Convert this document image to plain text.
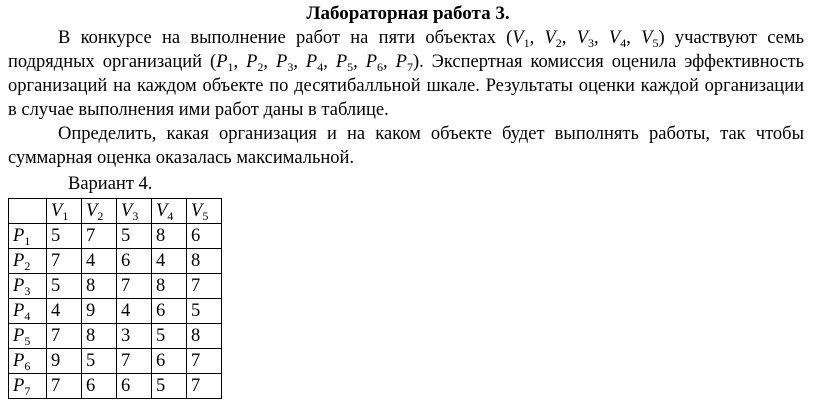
Лабораторная работа 3.
В конкурсе на выполнение работ на пяти объектах ($V_1$, $V_2$, $V_3$, $V_4$, $V_5$) участвуют семь подрядных организаций ($P_1$, $P_2$, $P_3$, $P_4$, $P_5$, $P_6$, $P_7$). Экспертная комиссия оценила эффективность организаций на каждом объекте по десятибалльной шкале. Результаты оценки каждой организации в случае выполнения ими работ даны в таблице.
Определить, какая организация и на каком объекте будет выполнять работы, так чтобы суммарная оценка оказалась максимальной.
Вариант 4.
	$V_1$	$V_2$	$V_3$	$V_4$	$V_5$
$P_1$	5	7	5	8	6
$P_2$	7	4	6	4	8
$P_3$	5	8	7	8	7
$P_4$	4	9	4	6	5
$P_5$	7	8	3	5	8
$P_6$	9	5	7	6	7
$P_7$	7	6	6	5	7
